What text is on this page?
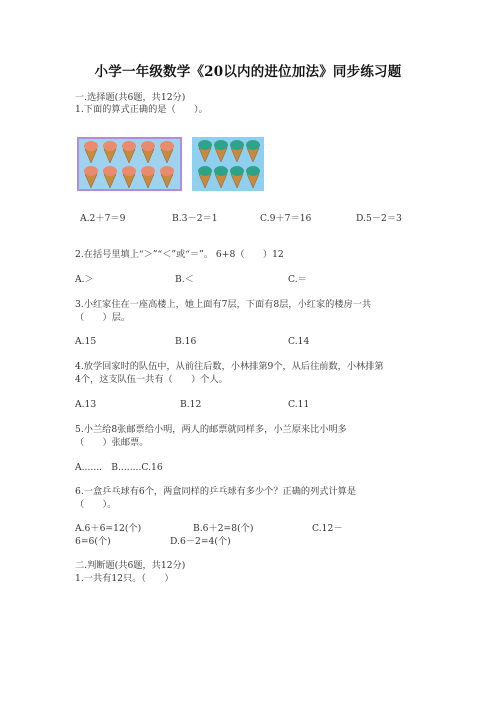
小学一年级数学《20以内的进位加法》同步练习题
一.选择题(共6题，共12分)
1.下面的算式正确的是（　　）。
A.2＋7＝9	B.3－2＝1	C.9＋7＝16	D.5－2＝3
2.在括号里填上“＞”“＜”或“＝”。 6+8（　　）12
A.＞	B.＜	C.＝
3.小红家住在一座高楼上，她上面有7层，下面有8层，小红家的楼房一共
（　　）层。
A.15	B.16	C.14
4.放学回家时的队伍中，从前往后数，小林排第9个，从后往前数，小林排第
4个，这支队伍一共有（　　）个人。
A.13	B.12	C.11
5.小兰给8张邮票给小明，两人的邮票就同样多，小兰原来比小明多
（　　）张邮票。
A.......　B........C.16
6.一盒乒乓球有6个，两盒同样的乒乓球有多少个？正确的列式计算是
（　　）。
A.6＋6=12(个)	B.6＋2=8(个)	C.12－
6=6(个)	D.6－2=4(个)
二.判断题(共6题，共12分)
1.一共有12只。（　　）
